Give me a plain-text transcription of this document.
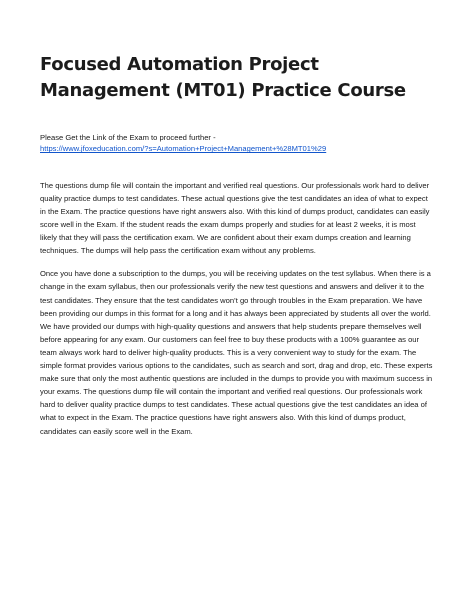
Focused Automation Project Management (MT01) Practice Course
Please Get the Link of the Exam to proceed further -
https://www.jfoxeducation.com/?s=Automation+Project+Management+%28MT01%29

The questions dump file will contain the important and verified real questions. Our professionals work hard to deliver quality practice dumps to test candidates. These actual questions give the test candidates an idea of what to expect in the Exam. The practice questions have right answers also. With this kind of dumps product, candidates can easily score well in the Exam. If the student reads the exam dumps properly and studies for at least 2 weeks, it is most likely that they will pass the certification exam. We are confident about their exam dumps creation and learning techniques. The dumps will help pass the certification exam without any problems.

Once you have done a subscription to the dumps, you will be receiving updates on the test syllabus. When there is a change in the exam syllabus, then our professionals verify the new test questions and answers and deliver it to the test candidates. They ensure that the test candidates won’t go through troubles in the Exam preparation. We have been providing our dumps in this format for a long and it has always been appreciated by students all over the world. We have provided our dumps with high-quality questions and answers that help students prepare themselves well before appearing for any exam. Our customers can feel free to buy these products with a 100% guarantee as our team always work hard to deliver high-quality products. This is a very convenient way to study for the exam. The simple format provides various options to the candidates, such as search and sort, drag and drop, etc. These experts make sure that only the most authentic questions are included in the dumps to provide you with maximum success in your exams. The questions dump file will contain the important and verified real questions. Our professionals work hard to deliver quality practice dumps to test candidates. These actual questions give the test candidates an idea of what to expect in the Exam. The practice questions have right answers also. With this kind of dumps product, candidates can easily score well in the Exam.
